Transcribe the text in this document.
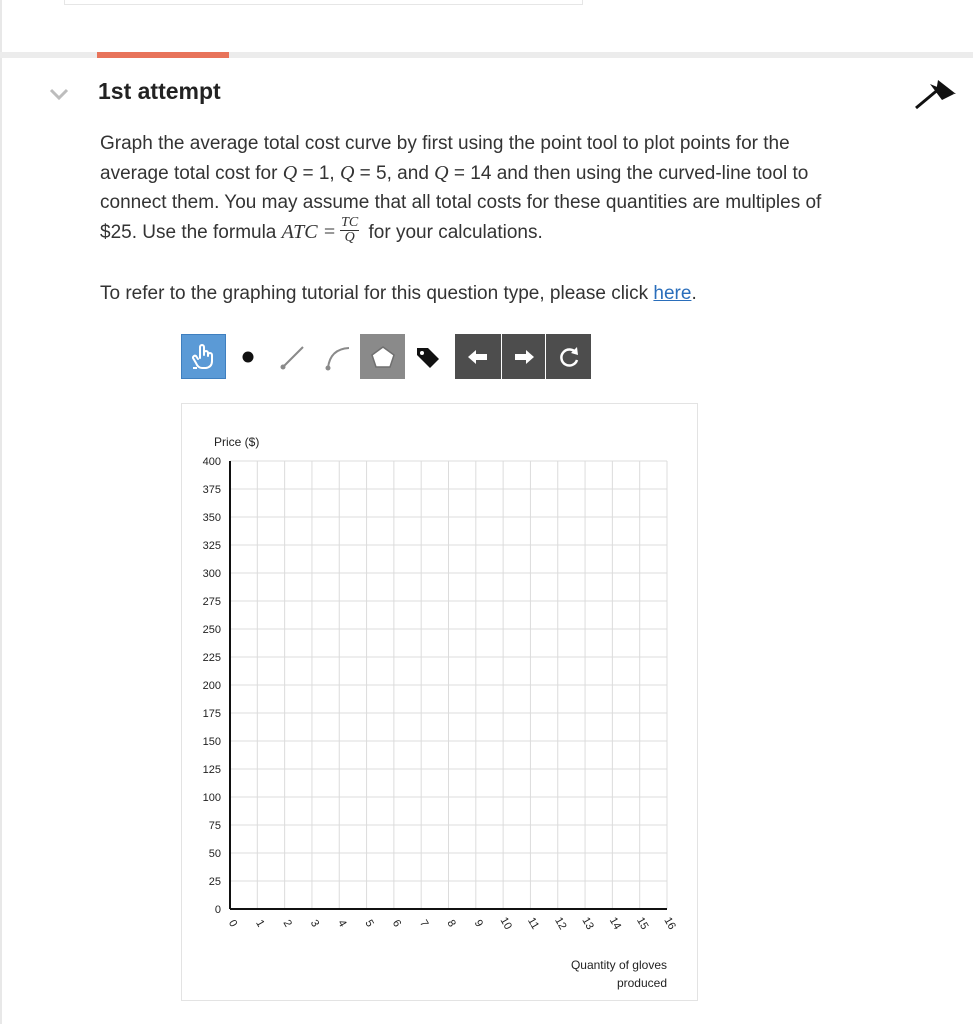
1st attempt
Graph the average total cost curve by first using the point tool to plot points for the
average total cost for Q = 1, Q = 5, and Q = 14 and then using the curved-line tool to
connect them. You may assume that all total costs for these quantities are multiples of
$25. Use the formula ATC = $\frac{TC}{Q}$ for your calculations.
To refer to the graphing tutorial for this question type, please click here.
0
25
50
75
100
125
150
175
200
225
250
275
300
325
350
375
400
0 1 2 3 4 5 6 7 8 9 10 11 12 13 14 15 16
Price ($)
Quantity of gloves
produced
